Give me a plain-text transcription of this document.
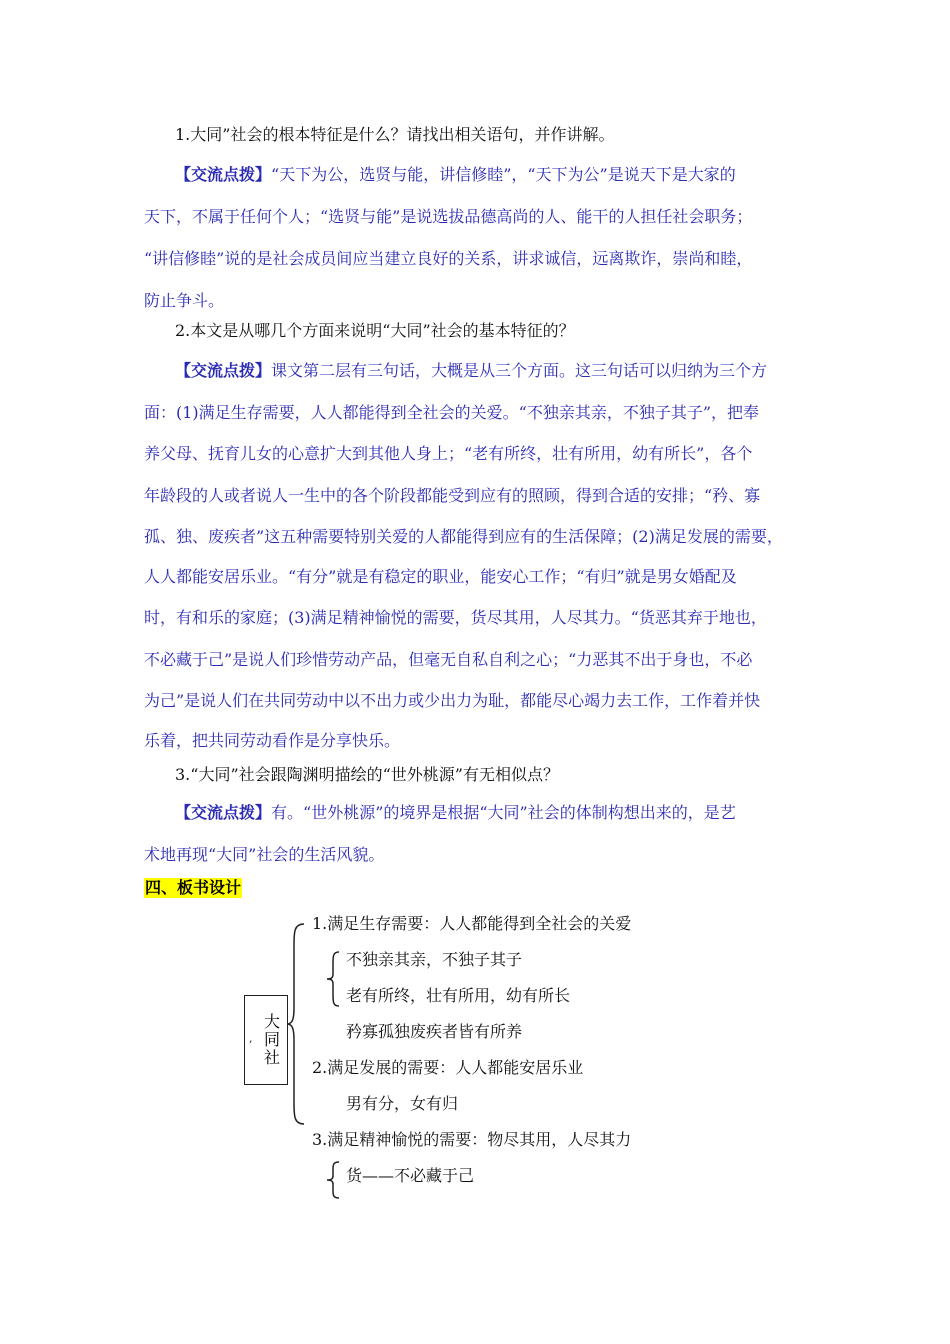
1.大同”社会的根本特征是什么？请找出相关语句，并作讲解。
【交流点拨】“天下为公，选贤与能，讲信修睦”，“天下为公”是说天下是大家的
天下，不属于任何个人；“选贤与能”是说选拔品德高尚的人、能干的人担任社会职务；
“讲信修睦”说的是社会成员间应当建立良好的关系，讲求诚信，远离欺诈，崇尚和睦，
防止争斗。
2.本文是从哪几个方面来说明“大同”社会的基本特征的？
【交流点拨】课文第二层有三句话，大概是从三个方面。这三句话可以归纳为三个方
面：(1)满足生存需要，人人都能得到全社会的关爱。“不独亲其亲，不独子其子”，把奉
养父母、抚育儿女的心意扩大到其他人身上；“老有所终，壮有所用，幼有所长”，各个
年龄段的人或者说人一生中的各个阶段都能受到应有的照顾，得到合适的安排；“矜、寡
孤、独、废疾者”这五种需要特别关爱的人都能得到应有的生活保障；(2)满足发展的需要，
人人都能安居乐业。“有分”就是有稳定的职业，能安心工作；“有归”就是男女婚配及
时，有和乐的家庭；(3)满足精神愉悦的需要，货尽其用，人尽其力。“货恶其弃于地也，
不必藏于己”是说人们珍惜劳动产品，但毫无自私自利之心；“力恶其不出于身也，不必
为己”是说人们在共同劳动中以不出力或少出力为耻，都能尽心竭力去工作，工作着并快
乐着，把共同劳动看作是分享快乐。
3.“大同”社会跟陶渊明描绘的“世外桃源”有无相似点？
【交流点拨】有。“世外桃源”的境界是根据“大同”社会的体制构想出来的，是艺
术地再现“大同”社会的生活风貌。
四、板书设计
大
同
社
,
1.满足生存需要：人人都能得到全社会的关爱
不独亲其亲，不独子其子
老有所终，壮有所用，幼有所长
矜寡孤独废疾者皆有所养
2.满足发展的需要：人人都能安居乐业
男有分，女有归
3.满足精神愉悦的需要：物尽其用，人尽其力
货——不必藏于己
